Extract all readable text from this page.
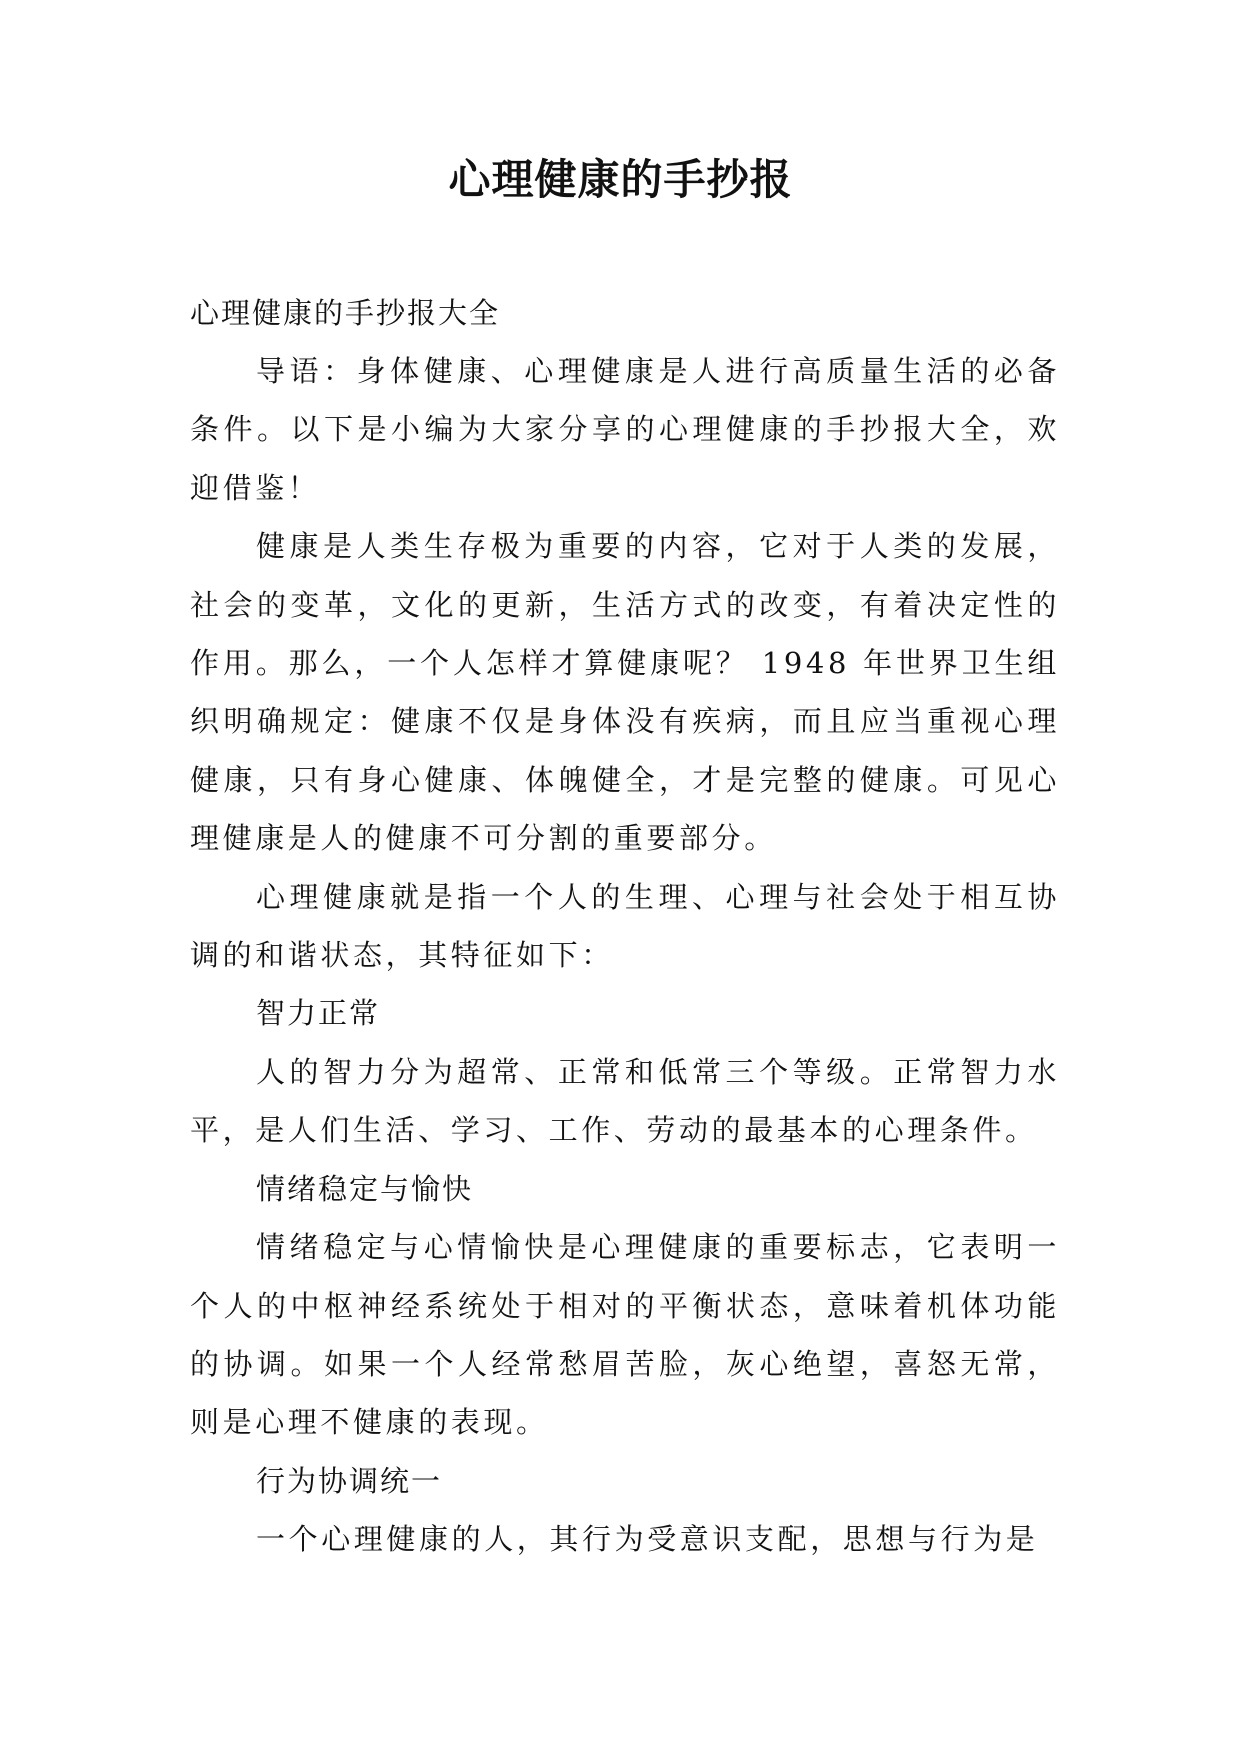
心理健康的手抄报

心理健康的手抄报大全

导语：身体健康、心理健康是人进行高质量生活的必备条件。以下是小编为大家分享的心理健康的手抄报大全，欢迎借鉴！

健康是人类生存极为重要的内容，它对于人类的发展，社会的变革，文化的更新，生活方式的改变，有着决定性的作用。那么，一个人怎样才算健康呢？ 1948 年世界卫生组织明确规定：健康不仅是身体没有疾病，而且应当重视心理健康，只有身心健康、体魄健全，才是完整的健康。可见心理健康是人的健康不可分割的重要部分。

心理健康就是指一个人的生理、心理与社会处于相互协调的和谐状态，其特征如下：

智力正常

人的智力分为超常、正常和低常三个等级。正常智力水平，是人们生活、学习、工作、劳动的最基本的心理条件。

情绪稳定与愉快

情绪稳定与心情愉快是心理健康的重要标志，它表明一个人的中枢神经系统处于相对的平衡状态，意味着机体功能的协调。如果一个人经常愁眉苦脸，灰心绝望，喜怒无常，则是心理不健康的表现。

行为协调统一

一个心理健康的人，其行为受意识支配，思想与行为是
